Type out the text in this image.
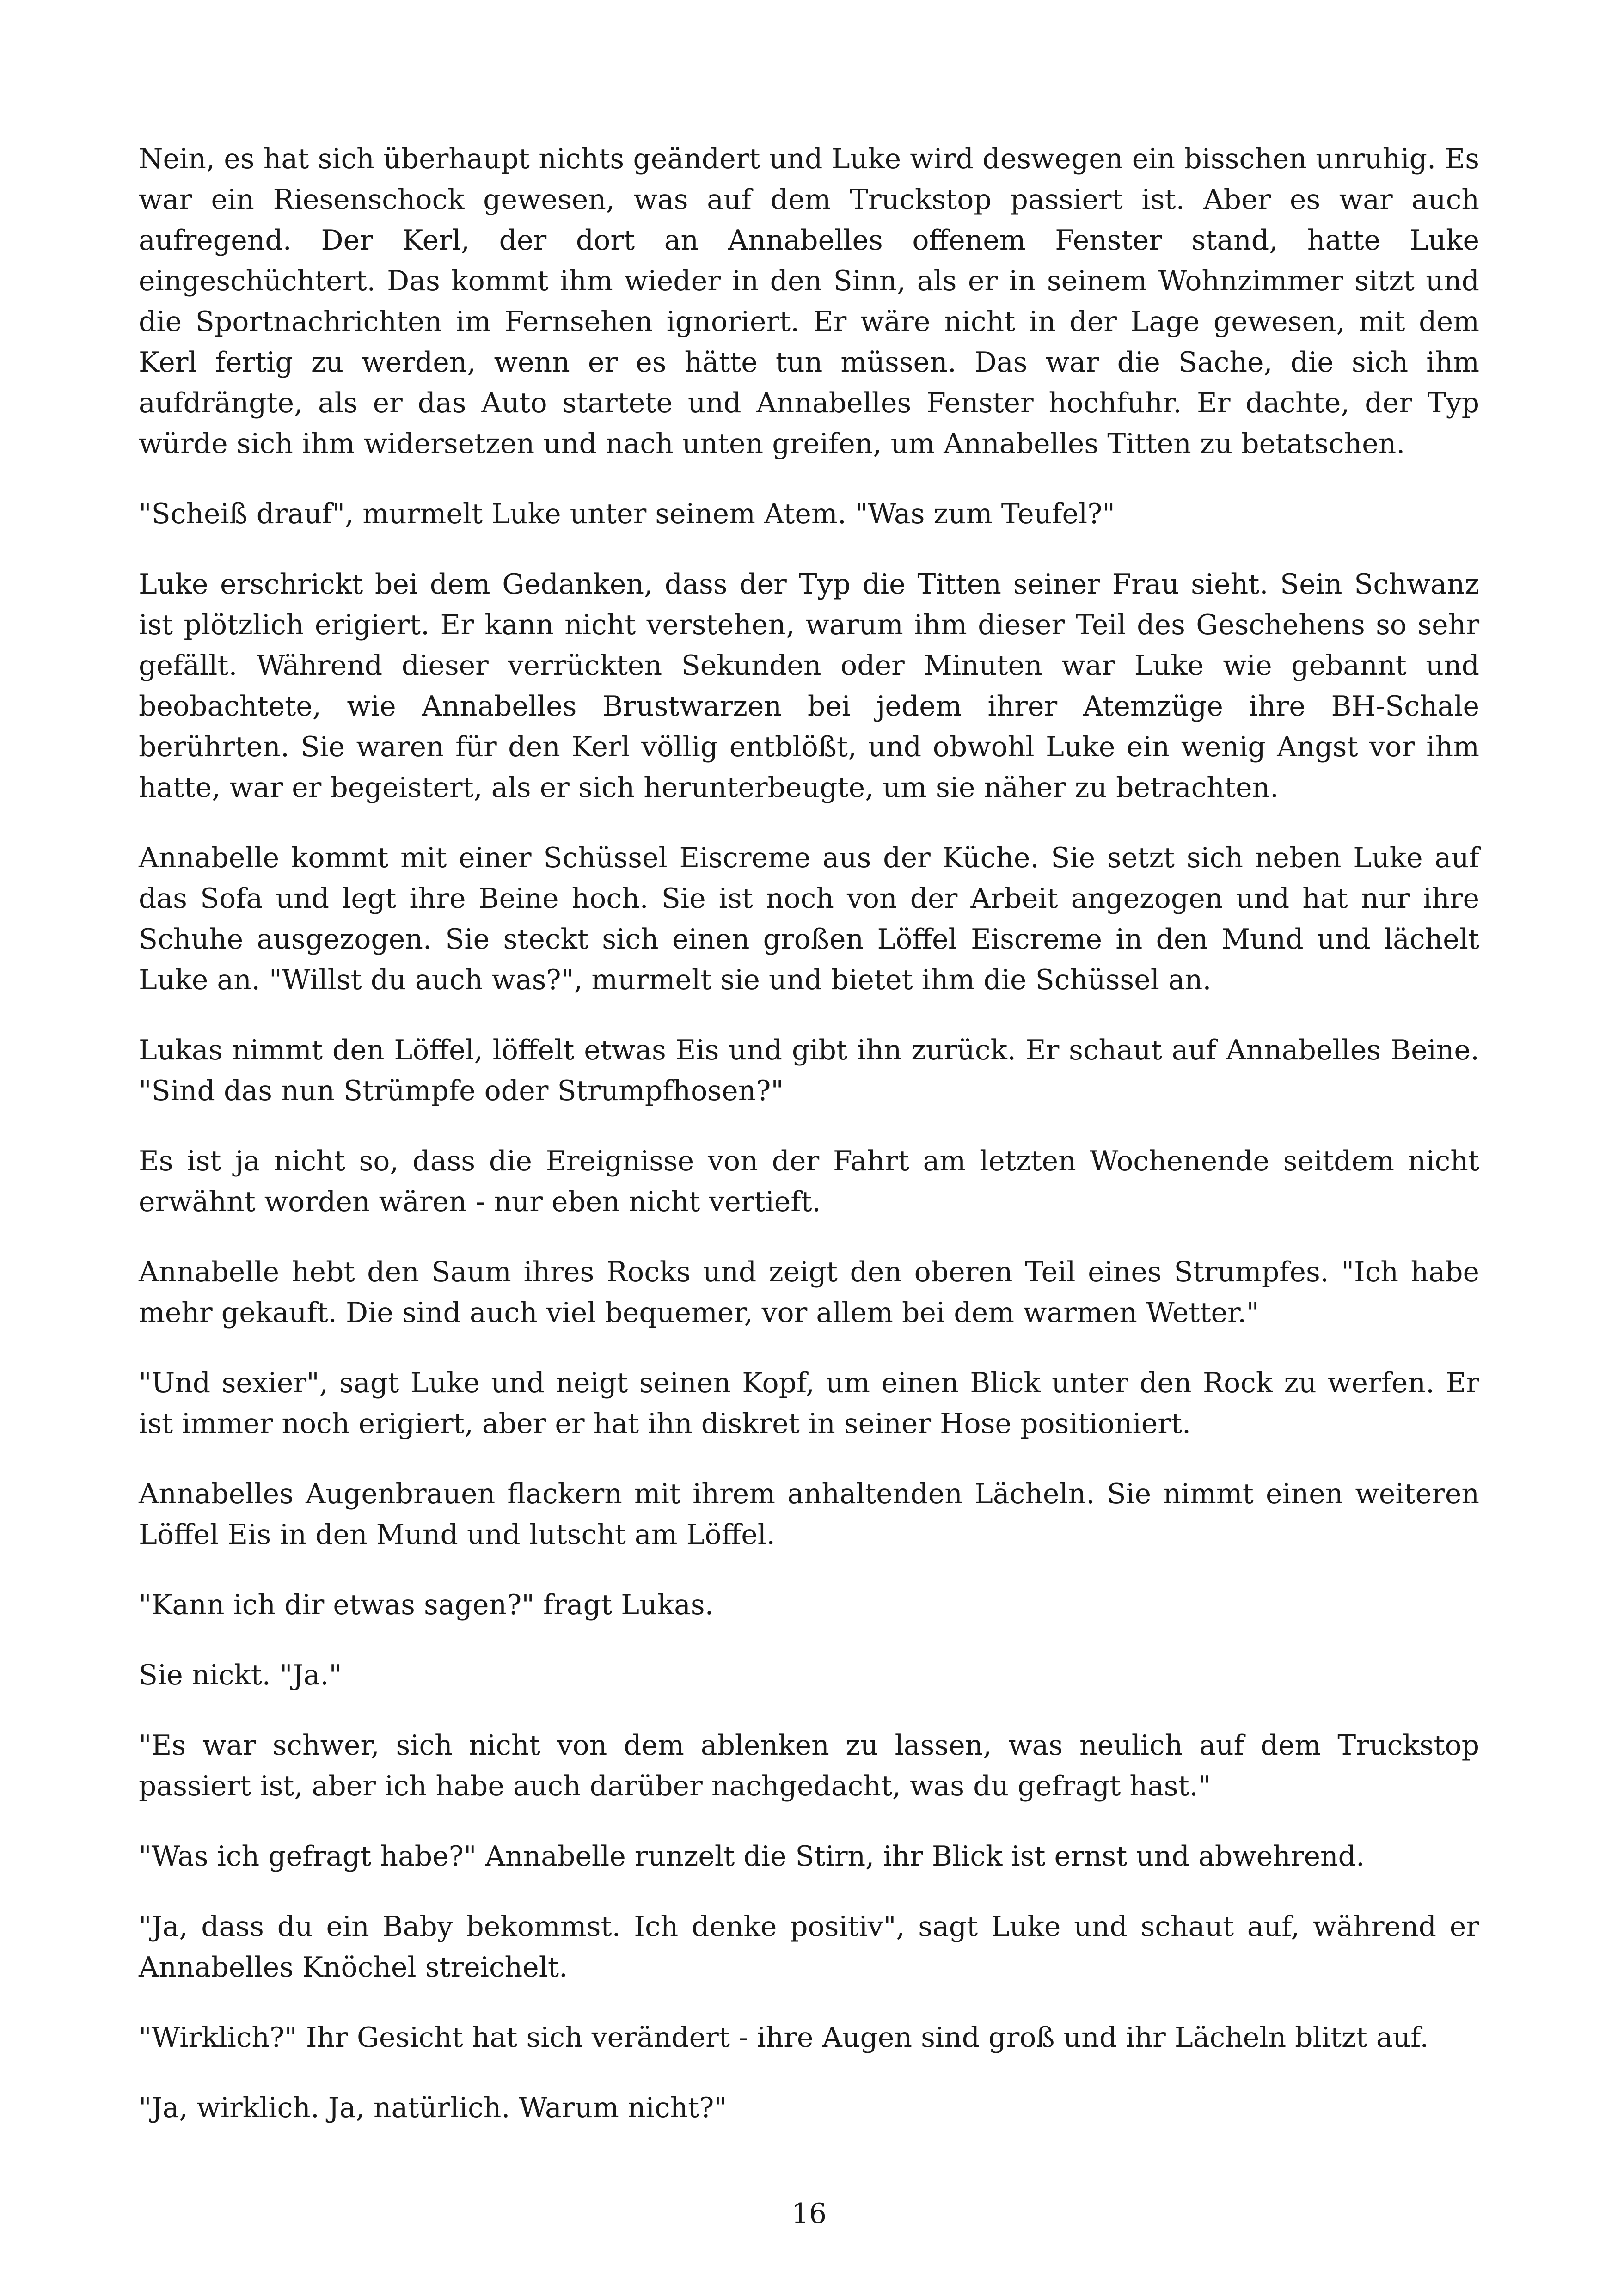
Nein, es hat sich überhaupt nichts geändert und Luke wird deswegen ein bisschen unruhig. Es war ein Riesenschock gewesen, was auf dem Truckstop passiert ist. Aber es war auch aufregend. Der Kerl, der dort an Annabelles offenem Fenster stand, hatte Luke eingeschüchtert. Das kommt ihm wieder in den Sinn, als er in seinem Wohnzimmer sitzt und die Sportnachrichten im Fernsehen ignoriert. Er wäre nicht in der Lage gewesen, mit dem Kerl fertig zu werden, wenn er es hätte tun müssen. Das war die Sache, die sich ihm aufdrängte, als er das Auto startete und Annabelles Fenster hochfuhr. Er dachte, der Typ würde sich ihm widersetzen und nach unten greifen, um Annabelles Titten zu betatschen.

"Scheiß drauf", murmelt Luke unter seinem Atem. "Was zum Teufel?"

Luke erschrickt bei dem Gedanken, dass der Typ die Titten seiner Frau sieht. Sein Schwanz ist plötzlich erigiert. Er kann nicht verstehen, warum ihm dieser Teil des Geschehens so sehr gefällt. Während dieser verrückten Sekunden oder Minuten war Luke wie gebannt und beobachtete, wie Annabelles Brustwarzen bei jedem ihrer Atemzüge ihre BH-Schale berührten. Sie waren für den Kerl völlig entblößt, und obwohl Luke ein wenig Angst vor ihm hatte, war er begeistert, als er sich herunterbeugte, um sie näher zu betrachten.

Annabelle kommt mit einer Schüssel Eiscreme aus der Küche. Sie setzt sich neben Luke auf das Sofa und legt ihre Beine hoch. Sie ist noch von der Arbeit angezogen und hat nur ihre Schuhe ausgezogen. Sie steckt sich einen großen Löffel Eiscreme in den Mund und lächelt Luke an. "Willst du auch was?", murmelt sie und bietet ihm die Schüssel an.

Lukas nimmt den Löffel, löffelt etwas Eis und gibt ihn zurück. Er schaut auf Annabelles Beine. "Sind das nun Strümpfe oder Strumpfhosen?"

Es ist ja nicht so, dass die Ereignisse von der Fahrt am letzten Wochenende seitdem nicht erwähnt worden wären - nur eben nicht vertieft.

Annabelle hebt den Saum ihres Rocks und zeigt den oberen Teil eines Strumpfes. "Ich habe mehr gekauft. Die sind auch viel bequemer, vor allem bei dem warmen Wetter."

"Und sexier", sagt Luke und neigt seinen Kopf, um einen Blick unter den Rock zu werfen. Er ist immer noch erigiert, aber er hat ihn diskret in seiner Hose positioniert.

Annabelles Augenbrauen flackern mit ihrem anhaltenden Lächeln. Sie nimmt einen weiteren Löffel Eis in den Mund und lutscht am Löffel.

"Kann ich dir etwas sagen?" fragt Lukas.

Sie nickt. "Ja."

"Es war schwer, sich nicht von dem ablenken zu lassen, was neulich auf dem Truckstop passiert ist, aber ich habe auch darüber nachgedacht, was du gefragt hast."

"Was ich gefragt habe?" Annabelle runzelt die Stirn, ihr Blick ist ernst und abwehrend.

"Ja, dass du ein Baby bekommst. Ich denke positiv", sagt Luke und schaut auf, während er Annabelles Knöchel streichelt.

"Wirklich?" Ihr Gesicht hat sich verändert - ihre Augen sind groß und ihr Lächeln blitzt auf.

"Ja, wirklich. Ja, natürlich. Warum nicht?"

16
